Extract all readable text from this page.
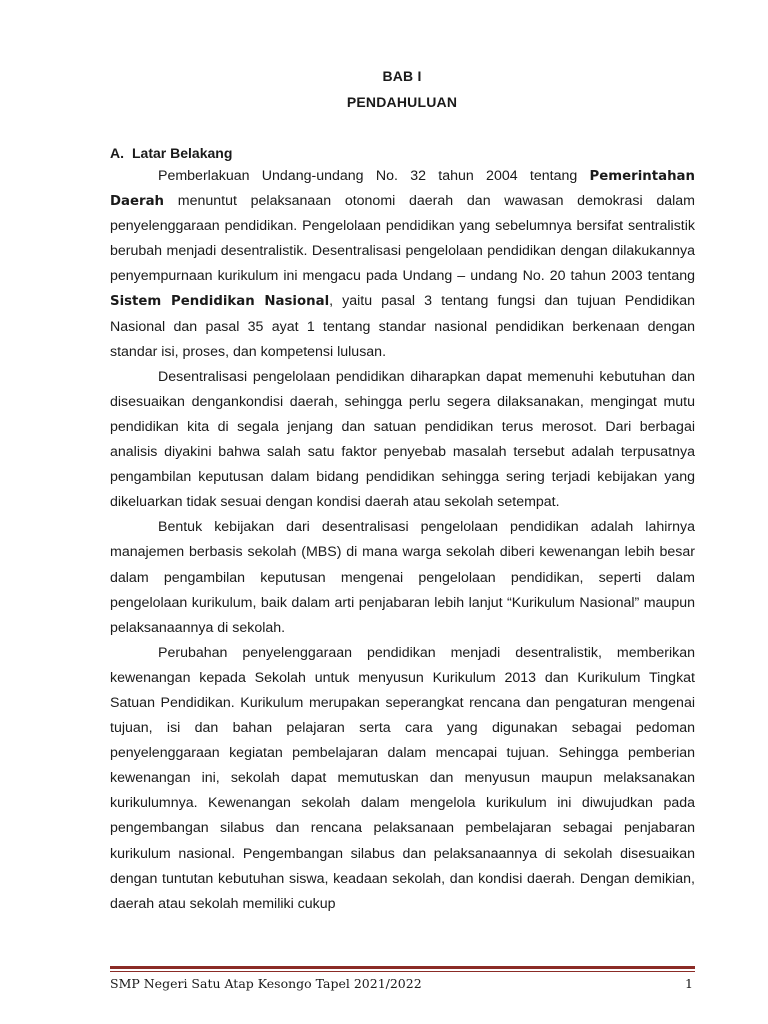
BAB I
PENDAHULUAN
A. Latar Belakang

Pemberlakuan Undang-undang No. 32 tahun 2004 tentang Pemerintahan Daerah menuntut pelaksanaan otonomi daerah dan wawasan demokrasi dalam penyelenggaraan pendidikan. Pengelolaan pendidikan yang sebelumnya bersifat sentralistik berubah menjadi desentralistik. Desentralisasi pengelolaan pendidikan dengan dilakukannya penyempurnaan kurikulum ini mengacu pada Undang – undang No. 20 tahun 2003 tentang Sistem Pendidikan Nasional, yaitu pasal 3 tentang fungsi dan tujuan Pendidikan Nasional dan pasal 35 ayat 1 tentang standar nasional pendidikan berkenaan dengan standar isi, proses, dan kompetensi lulusan.

Desentralisasi pengelolaan pendidikan diharapkan dapat memenuhi kebutuhan dan disesuaikan dengankondisi daerah, sehingga perlu segera dilaksanakan, mengingat mutu pendidikan kita di segala jenjang dan satuan pendidikan terus merosot. Dari berbagai analisis diyakini bahwa salah satu faktor penyebab masalah tersebut adalah terpusatnya pengambilan keputusan dalam bidang pendidikan sehingga sering terjadi kebijakan yang dikeluarkan tidak sesuai dengan kondisi daerah atau sekolah setempat.

Bentuk kebijakan dari desentralisasi pengelolaan pendidikan adalah lahirnya manajemen berbasis sekolah (MBS) di mana warga sekolah diberi kewenangan lebih besar dalam pengambilan keputusan mengenai pengelolaan pendidikan, seperti dalam pengelolaan kurikulum, baik dalam arti penjabaran lebih lanjut “Kurikulum Nasional” maupun pelaksanaannya di sekolah.

Perubahan penyelenggaraan pendidikan menjadi desentralistik, memberikan kewenangan kepada Sekolah untuk menyusun Kurikulum 2013 dan Kurikulum Tingkat Satuan Pendidikan. Kurikulum merupakan seperangkat rencana dan pengaturan mengenai tujuan, isi dan bahan pelajaran serta cara yang digunakan sebagai pedoman penyelenggaraan kegiatan pembelajaran dalam mencapai tujuan. Sehingga pemberian kewenangan ini, sekolah dapat memutuskan dan menyusun maupun melaksanakan kurikulumnya. Kewenangan sekolah dalam mengelola kurikulum ini diwujudkan pada pengembangan silabus dan rencana pelaksanaan pembelajaran sebagai penjabaran kurikulum nasional. Pengembangan silabus dan pelaksanaannya di sekolah disesuaikan dengan tuntutan kebutuhan siswa, keadaan sekolah, dan kondisi daerah. Dengan demikian, daerah atau sekolah memiliki cukup

SMP Negeri Satu Atap Kesongo Tapel 2021/2022	1
